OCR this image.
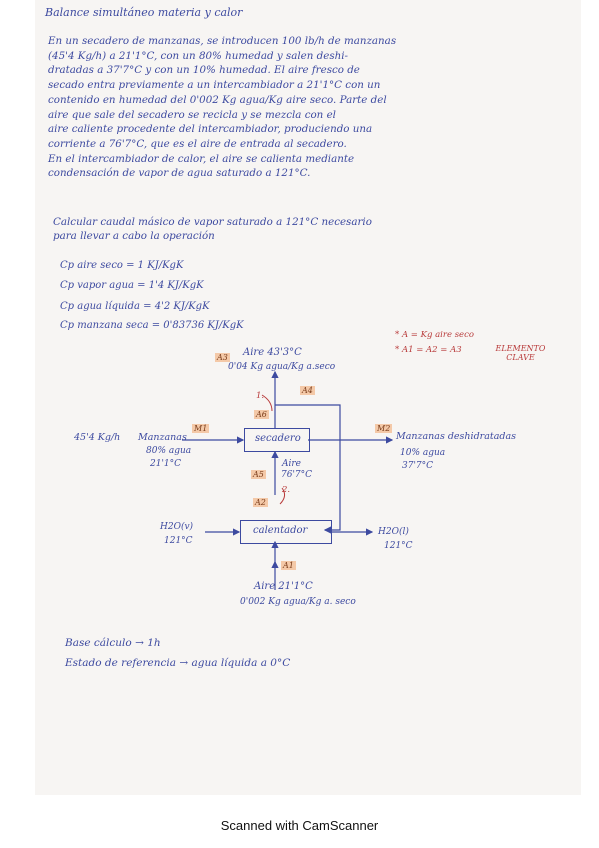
Balance simultáneo materia y calor
En un secadero de manzanas, se introducen 100 lb/h de manzanas
(45'4 Kg/h) a 21'1°C, con un 80% humedad y salen deshi-
dratadas a 37'7°C y con un 10% humedad. El aire fresco de
secado entra previamente a un intercambiador a 21'1°C con un
contenido en humedad del 0'002 Kg agua/Kg aire seco. Parte del
aire que sale del secadero se recicla y se mezcla con el
aire caliente procedente del intercambiador, produciendo una
corriente a 76'7°C, que es el aire de entrada al secadero.
En el intercambiador de calor, el aire se calienta mediante
condensación de vapor de agua saturado a 121°C.
Calcular caudal másico de vapor saturado a 121°C necesario
para llevar a cabo la operación
Cp aire seco = 1 KJ/KgK
Cp vapor agua = 1'4 KJ/KgK
Cp agua líquida = 4'2 KJ/KgK
Cp manzana seca = 0'83736 KJ/KgK
* A = Kg aire seco
* A1 = A2 = A3	ELEMENTO CLAVE
secadero
calentador
A3 Aire 43'3°C
0'04 Kg agua/Kg a.seco
A4
A6
1.
2.
M1	M2
45'4 Kg/h Manzanas
80% agua
21'1°C
Manzanas deshidratadas
10% agua
37'7°C
A5
Aire
76'7°C
A2
H2O(v)
121°C
H2O(l)
121°C
A1
Aire 21'1°C
0'002 Kg agua/Kg a. seco
Base cálculo → 1h
Estado de referencia → agua líquida a 0°C
Scanned with CamScanner
